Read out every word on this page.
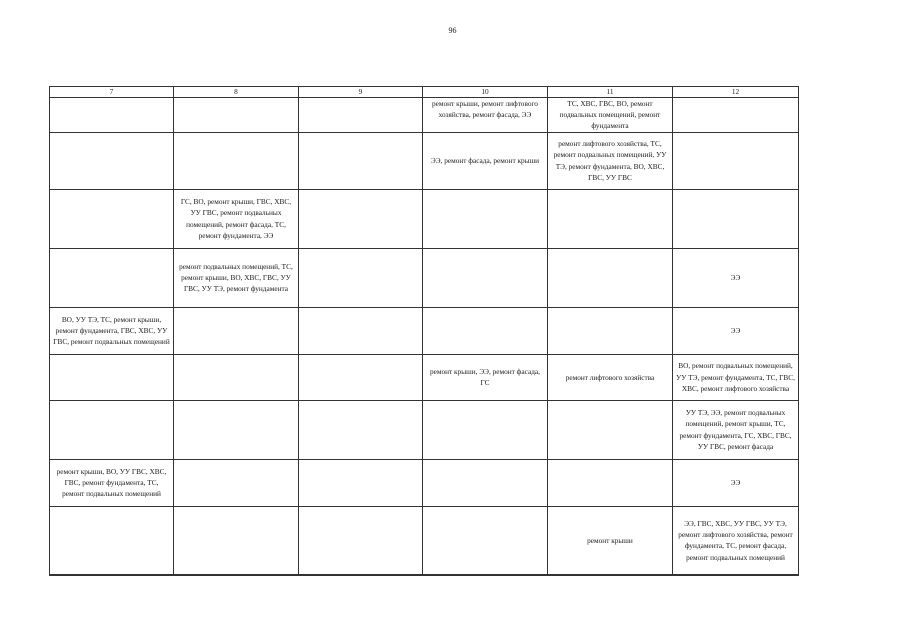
96
7	8	9	10	11	12
			ремонт крыши, ремонт лифтового хозяйства, ремонт фасада, ЭЭ	ТС, ХВС, ГВС, ВО, ремонт подвальных помещений, ремонт фундамента	
			ЭЭ, ремонт фасада, ремонт крыши	ремонт лифтового хозяйства, ТС, ремонт подвальных помещений, УУ ТЭ, ремонт фундамента, ВО, ХВС, ГВС, УУ ГВС	
	ГС, ВО, ремонт крыши, ГВС, ХВС, УУ ГВС, ремонт подвальных помещений, ремонт фасада, ТС, ремонт фундамента, ЭЭ				
	ремонт подвальных помещений, ТС, ремонт крыши, ВО, ХВС, ГВС, УУ ГВС, УУ ТЭ, ремонт фундамента				ЭЭ
ВО, УУ ТЭ, ТС, ремонт крыши, ремонт фундамента, ГВС, ХВС, УУ ГВС, ремонт подвальных помещений					ЭЭ
			ремонт крыши, ЭЭ, ремонт фасада, ГС	ремонт лифтового хозяйства	ВО, ремонт подвальных помещений, УУ ТЭ, ремонт фундамента, ТС, ГВС, ХВС, ремонт лифтового хозяйства
					УУ ТЭ, ЭЭ, ремонт подвальных помещений, ремонт крыши, ТС, ремонт фундамента, ГС, ХВС, ГВС, УУ ГВС, ремонт фасада
ремонт крыши, ВО, УУ ГВС, ХВС, ГВС, ремонт фундамента, ТС, ремонт подвальных помещений					ЭЭ
				ремонт крыши	ЭЭ, ГВС, ХВС, УУ ГВС, УУ ТЭ, ремонт лифтового хозяйства, ремонт фундамента, ТС, ремонт фасада, ремонт подвальных помещений
